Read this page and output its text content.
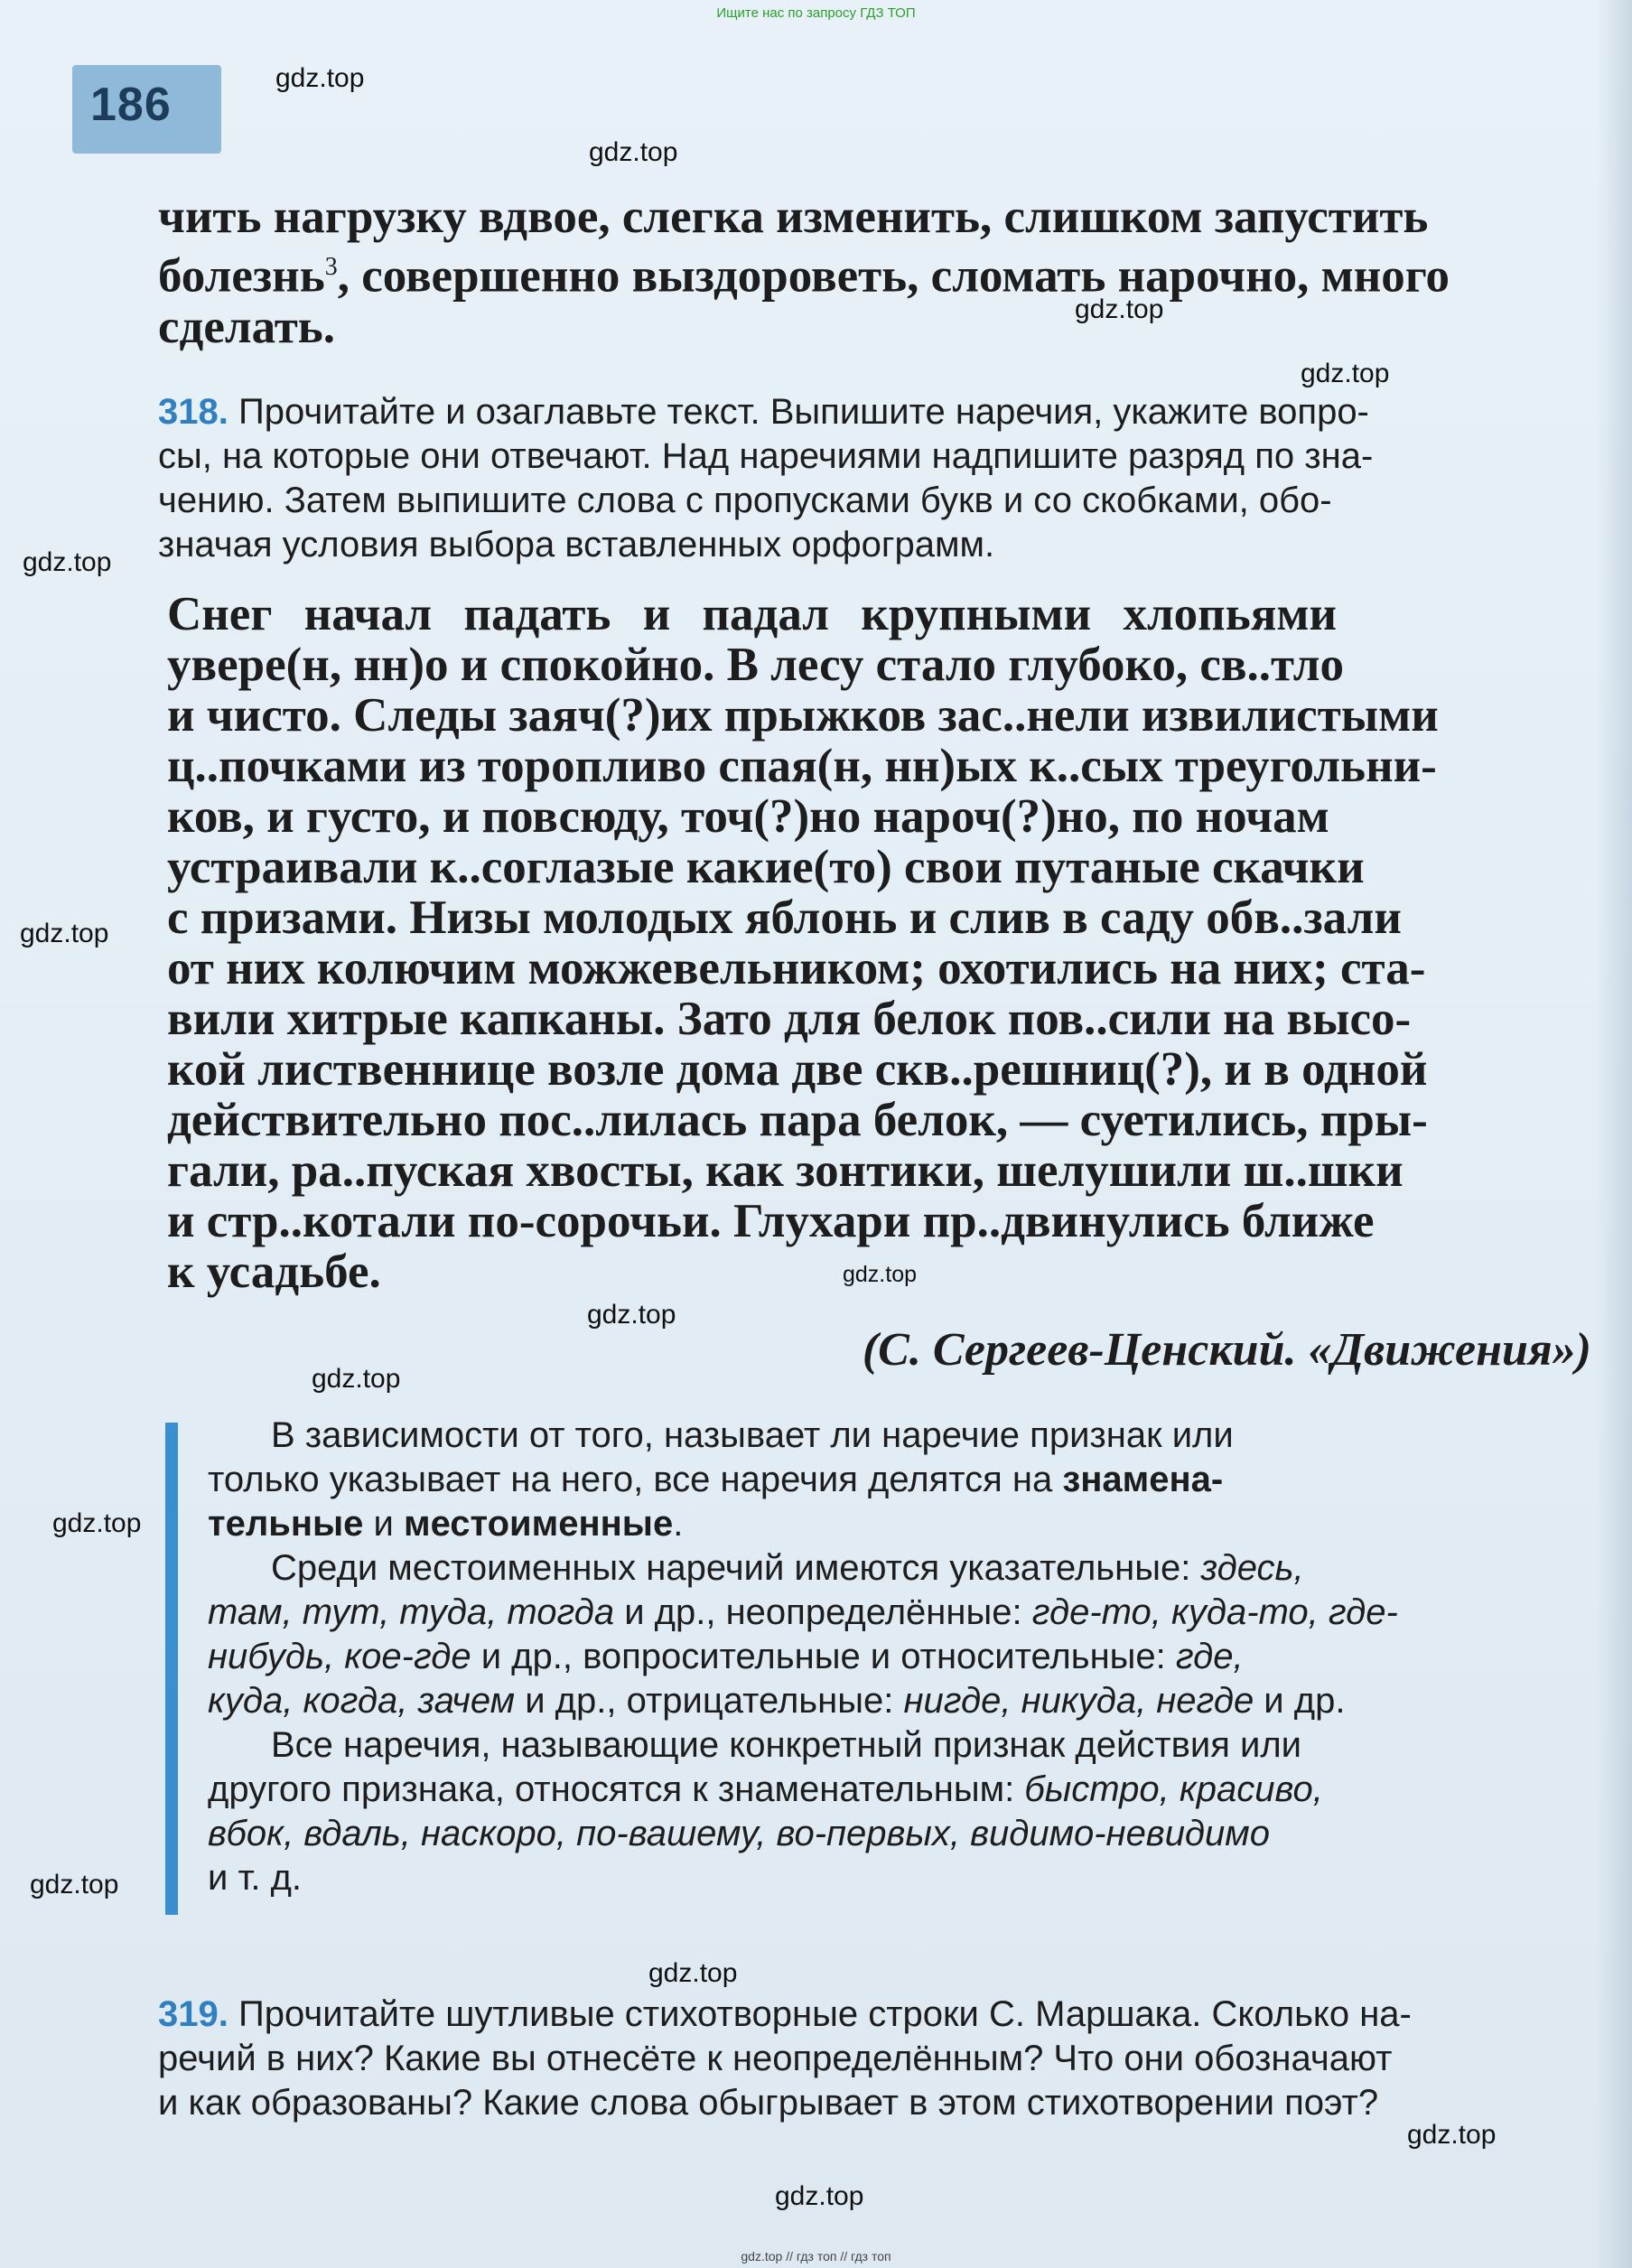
Ищите нас по запросу ГДЗ ТОП
186
gdz.top
gdz.top
gdz.top
gdz.top
gdz.top
gdz.top
gdz.top
gdz.top
gdz.top
gdz.top
gdz.top
gdz.top
gdz.top
gdz.top
чить нагрузку вдвое, слегка изменить, слишком запустить
болезнь$^3$, совершенно выздороветь, сломать нарочно, много
сделать.
318. Прочитайте и озаглавьте текст. Выпишите наречия, укажите вопро-
сы, на которые они отвечают. Над наречиями надпишите разряд по зна-
чению. Затем выпишите слова с пропусками букв и со скобками, обо-
значая условия выбора вставленных орфограмм.
Снег начал падать и падал крупными хлопьями
увере(н, нн)о и спокойно. В лесу стало глубоко, св..тло
и чисто. Следы заяч(?)их прыжков зас..нели извилистыми
ц..почками из торопливо спая(н, нн)ых к..сых треугольни-
ков, и густо, и повсюду, точ(?)но нароч(?)но, по ночам
устраивали к..соглазые какие(то) свои путаные скачки
с призами. Низы молодых яблонь и слив в саду обв..зали
от них колючим можжевельником; охотились на них; ста-
вили хитрые капканы. Зато для белок пов..сили на высо-
кой лиственнице возле дома две скв..решниц(?), и в одной
действительно пос..лилась пара белок, — суетились, пры-
гали, ра..пуская хвосты, как зонтики, шелушили ш..шки
и стр..котали по-сорочьи. Глухари пр..двинулись ближе
к усадьбе.
(С. Сергеев-Ценский. «Движения»)
В зависимости от того, называет ли наречие признак или
только указывает на него, все наречия делятся на знамена-
тельные и местоименные.
Среди местоименных наречий имеются указательные: здесь,
там, тут, туда, тогда и др., неопределённые: где-то, куда-то, где-
нибудь, кое-где и др., вопросительные и относительные: где,
куда, когда, зачем и др., отрицательные: нигде, никуда, негде и др.
Все наречия, называющие конкретный признак действия или
другого признака, относятся к знаменательным: быстро, красиво,
вбок, вдаль, наскоро, по-вашему, во-первых, видимо-невидимо
и т. д.
319. Прочитайте шутливые стихотворные строки С. Маршака. Сколько на-
речий в них? Какие вы отнесёте к неопределённым? Что они обозначают
и как образованы? Какие слова обыгрывает в этом стихотворении поэт?
gdz.top // гдз топ // гдз топ
